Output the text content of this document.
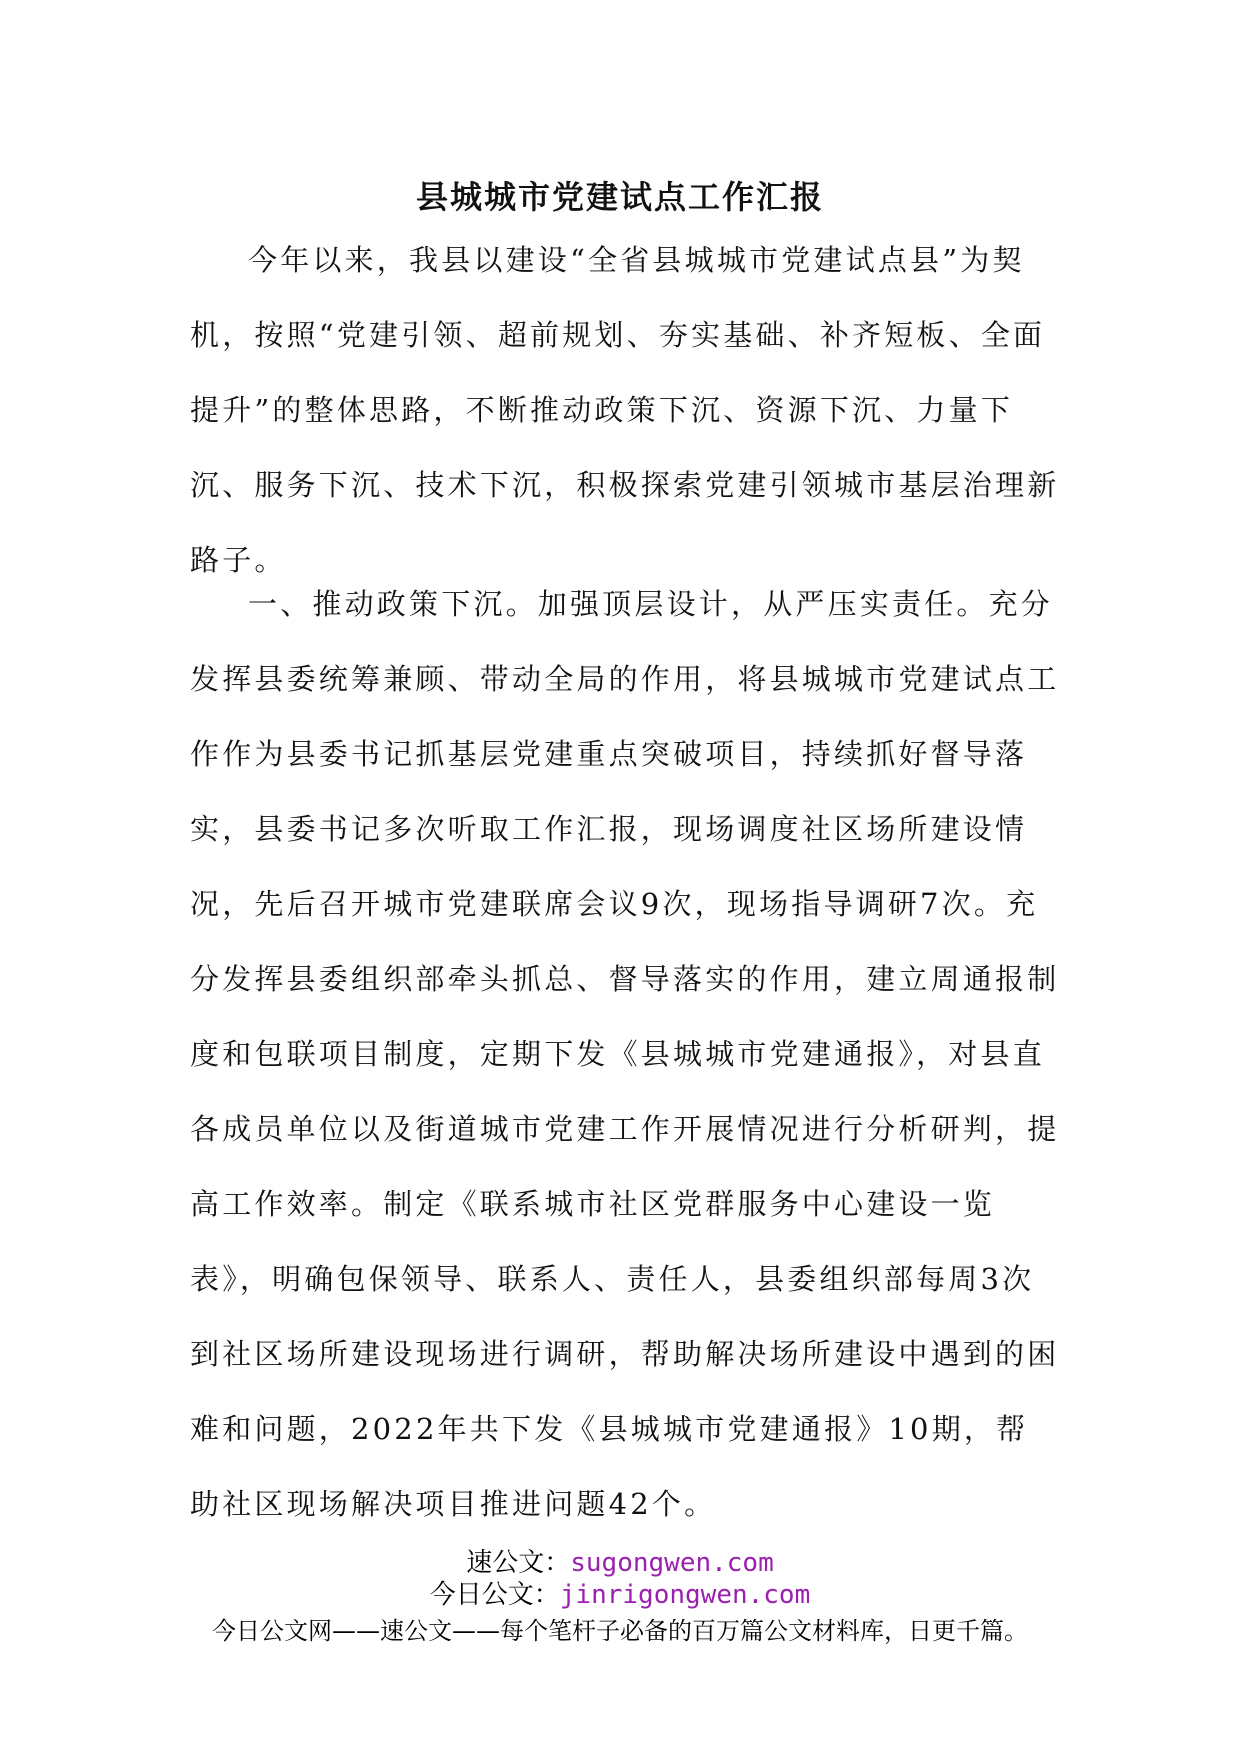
县城城市党建试点工作汇报

今年以来，我县以建设“全省县城城市党建试点县”为契机，按照“党建引领、超前规划、夯实基础、补齐短板、全面提升”的整体思路，不断推动政策下沉、资源下沉、力量下沉、服务下沉、技术下沉，积极探索党建引领城市基层治理新路子。

一、推动政策下沉。加强顶层设计，从严压实责任。充分发挥县委统筹兼顾、带动全局的作用，将县城城市党建试点工作作为县委书记抓基层党建重点突破项目，持续抓好督导落实，县委书记多次听取工作汇报，现场调度社区场所建设情况，先后召开城市党建联席会议9次，现场指导调研7次。充分发挥县委组织部牵头抓总、督导落实的作用，建立周通报制度和包联项目制度，定期下发《县城城市党建通报》，对县直各成员单位以及街道城市党建工作开展情况进行分析研判，提高工作效率。制定《联系城市社区党群服务中心建设一览表》，明确包保领导、联系人、责任人，县委组织部每周3次到社区场所建设现场进行调研，帮助解决场所建设中遇到的困难和问题，2022年共下发《县城城市党建通报》10期，帮助社区现场解决项目推进问题42个。

速公文：sugongwen.com
今日公文：jinrigongwen.com
今日公文网——速公文——每个笔杆子必备的百万篇公文材料库，日更千篇。
